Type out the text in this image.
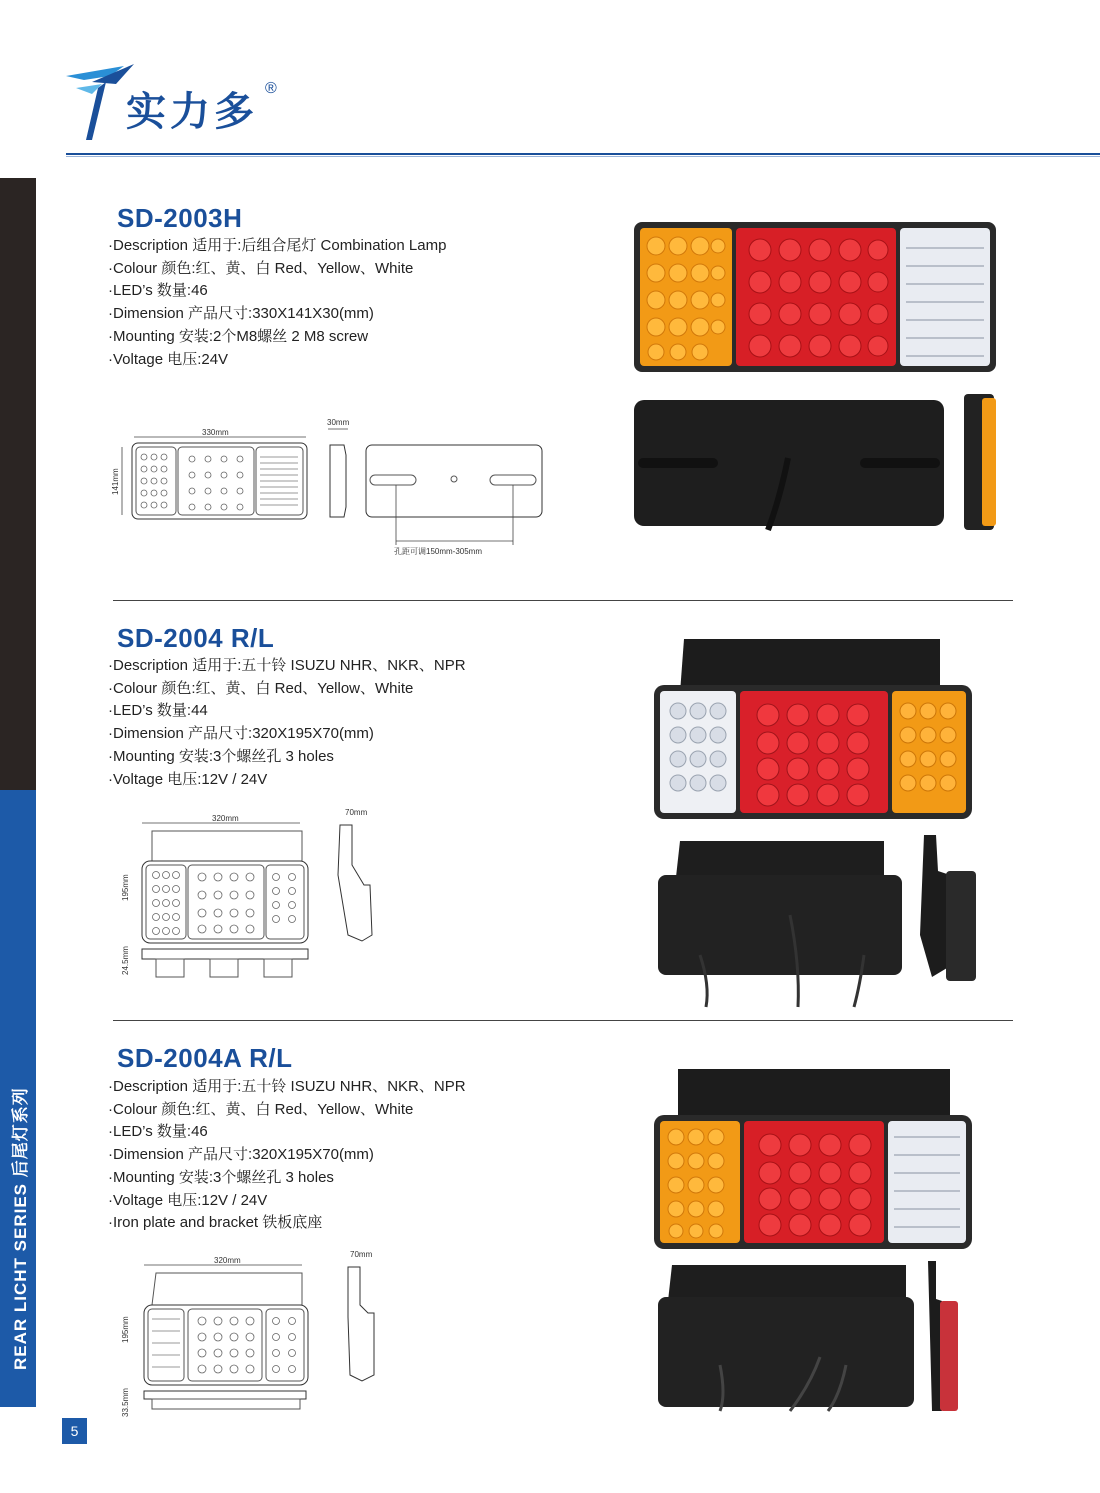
实力多
®
REAR LICHT SERIES 后尾灯系列
5
SD-2003H
·Description 适用于:后组合尾灯 Combination Lamp
·Colour 颜色:红、黄、白 Red、Yellow、White
·LED’s 数量:46
·Dimension 产品尺寸:330X141X30(mm)
·Mounting 安装:2个M8螺丝 2 M8 screw
·Voltage 电压:24V
330mm
141mm
30mm
孔距可调150mm-305mm
SD-2004 R/L
·Description 适用于:五十铃 ISUZU NHR、NKR、NPR
·Colour 颜色:红、黄、白 Red、Yellow、White
·LED’s 数量:44
·Dimension 产品尺寸:320X195X70(mm)
·Mounting 安装:3个螺丝孔 3 holes
·Voltage 电压:12V / 24V
320mm
195mm
70mm
24.5mm
SD-2004A R/L
·Description 适用于:五十铃 ISUZU NHR、NKR、NPR
·Colour 颜色:红、黄、白 Red、Yellow、White
·LED’s 数量:46
·Dimension 产品尺寸:320X195X70(mm)
·Mounting 安装:3个螺丝孔 3 holes
·Voltage 电压:12V / 24V
·Iron plate and bracket 铁板底座
320mm
195mm
70mm
33.5mm
